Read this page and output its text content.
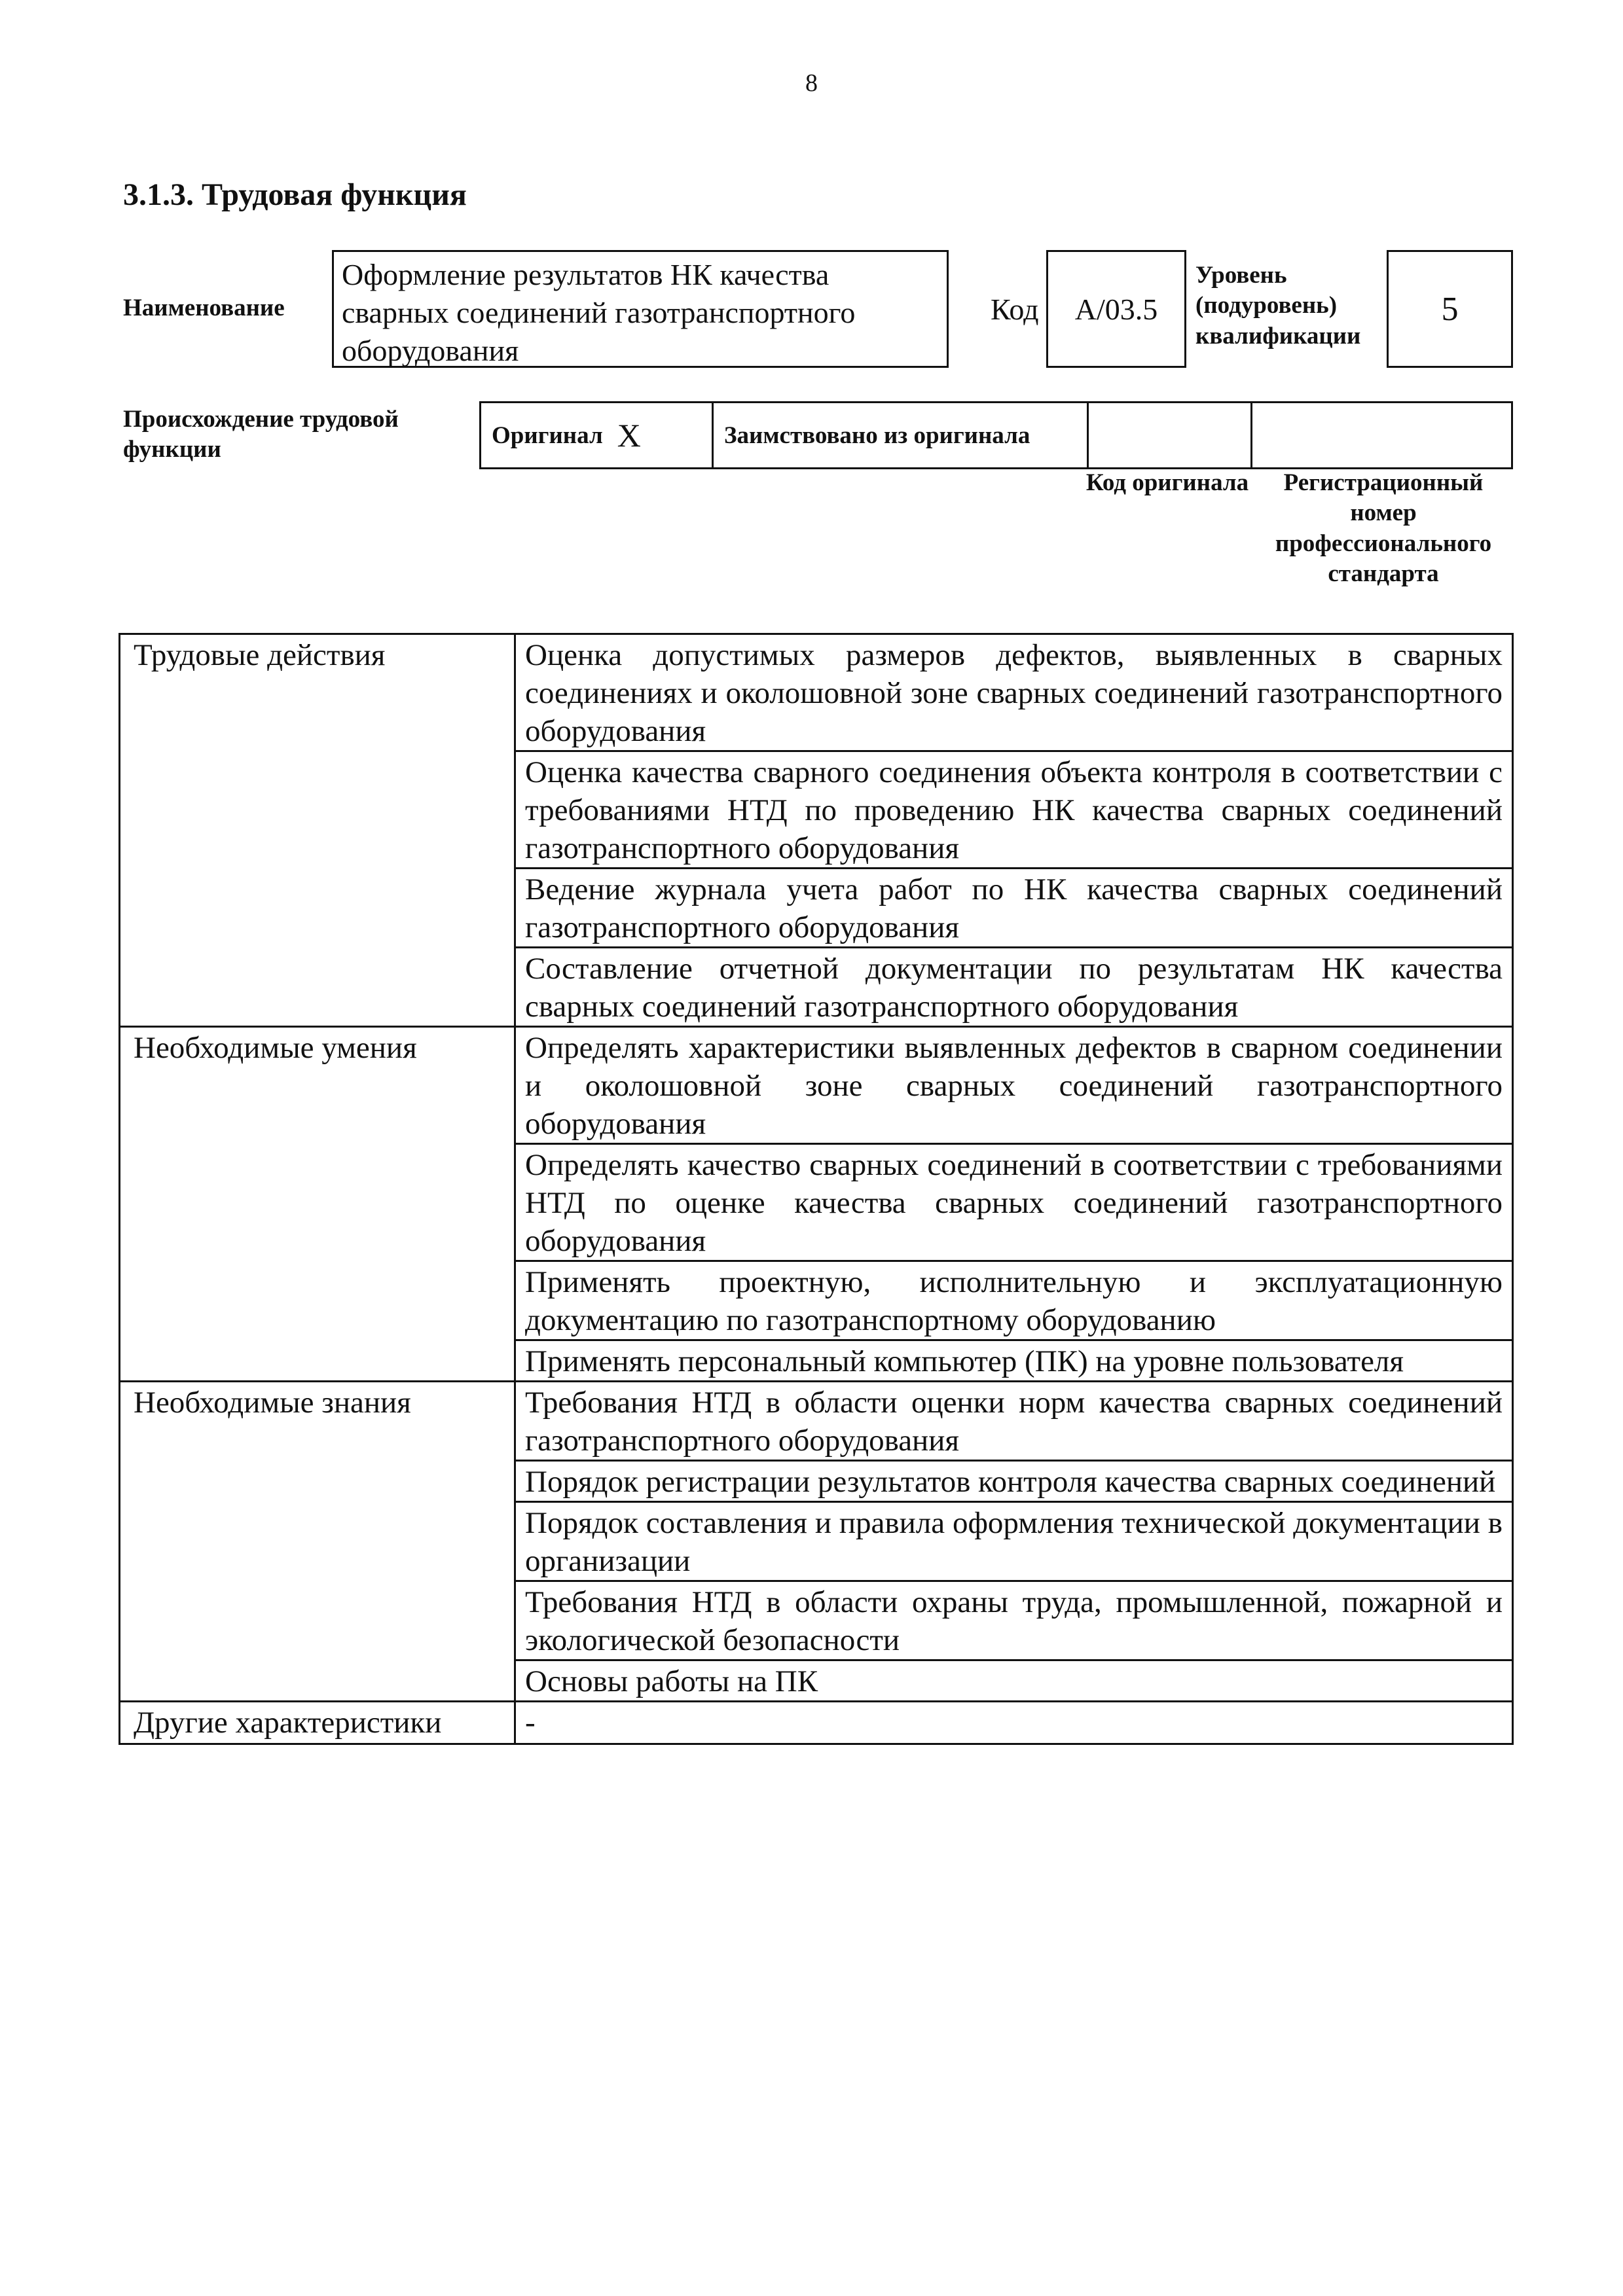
8
3.1.3. Трудовая функция
Наименование
Оформление результатов НК качества сварных соединений газотранспортного оборудования
Код	А/03.5
Уровень
(подуровень)
квалификации
5
Происхождение трудовой функции
Оригинал X	Заимствовано из оригинала
Код оригинала	Регистрационный номер профессионального стандарта
Трудовые действия	Оценка допустимых размеров дефектов, выявленных в сварных соединениях и околошовной зоне сварных соединений газотранспортного оборудования
	Оценка качества сварного соединения объекта контроля в соответствии с требованиями НТД по проведению НК качества сварных соединений газотранспортного оборудования
	Ведение журнала учета работ по НК качества сварных соединений газотранспортного оборудования
	Составление отчетной документации по результатам НК качества сварных соединений газотранспортного оборудования
Необходимые умения	Определять характеристики выявленных дефектов в сварном соединении и околошовной зоне сварных соединений газотранспортного оборудования
	Определять качество сварных соединений в соответствии с требованиями НТД по оценке качества сварных соединений газотранспортного оборудования
	Применять проектную, исполнительную и эксплуатационную документацию по газотранспортному оборудованию
	Применять персональный компьютер (ПК) на уровне пользователя
Необходимые знания	Требования НТД в области оценки норм качества сварных соединений газотранспортного оборудования
	Порядок регистрации результатов контроля качества сварных соединений
	Порядок составления и правила оформления технической документации в организации
	Требования НТД в области охраны труда, промышленной, пожарной и экологической безопасности
	Основы работы на ПК
Другие характеристики	-
